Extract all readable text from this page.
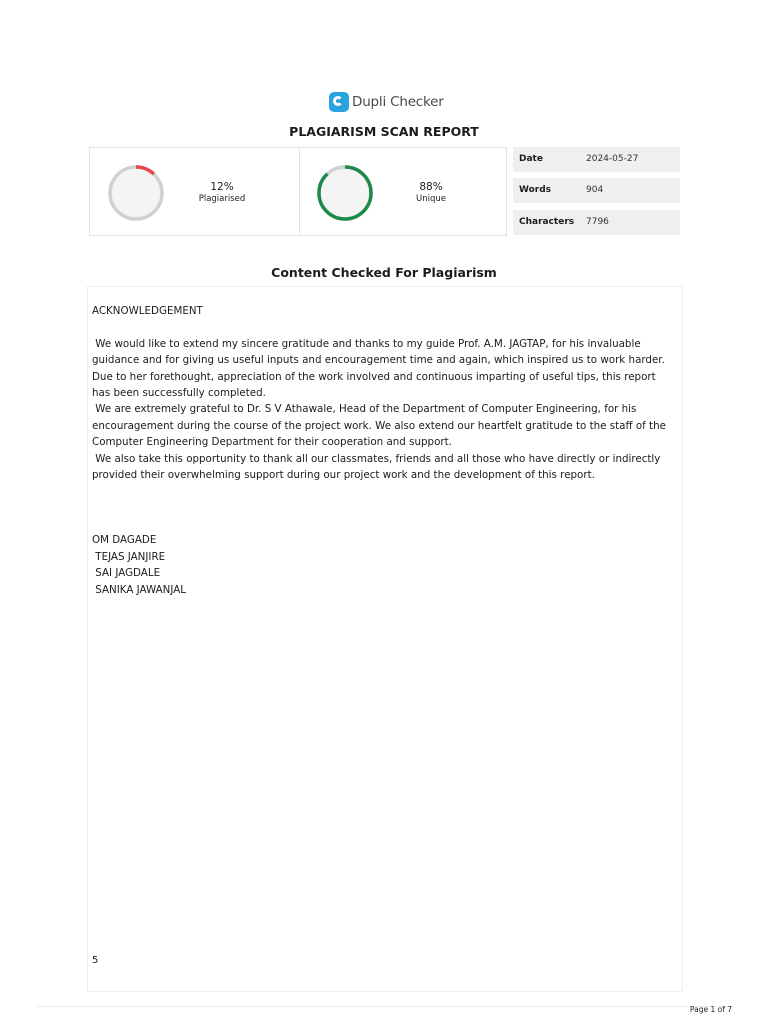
Dupli Checker
PLAGIARISM SCAN REPORT
12%
Plagiarised
88%
Unique
Date	2024-05-27
Words	904
Characters 7796
Content Checked For Plagiarism

ACKNOWLEDGEMENT

We would like to extend my sincere gratitude and thanks to my guide Prof. A.M. JAGTAP, for his invaluable guidance and for giving us useful inputs and encouragement time and again, which inspired us to work harder. Due to her forethought, appreciation of the work involved and continuous imparting of useful tips, this report has been successfully completed.

We are extremely grateful to Dr. S V Athawale, Head of the Department of Computer Engineering, for his encouragement during the course of the project work. We also extend our heartfelt gratitude to the staff of the Computer Engineering Department for their cooperation and support.

We also take this opportunity to thank all our classmates, friends and all those who have directly or indirectly provided their overwhelming support during our project work and the development of this report.

OM DAGADE

TEJAS JANJIRE

SAI JAGDALE

SANIKA JAWANJAL

5
Page 1 of 7
